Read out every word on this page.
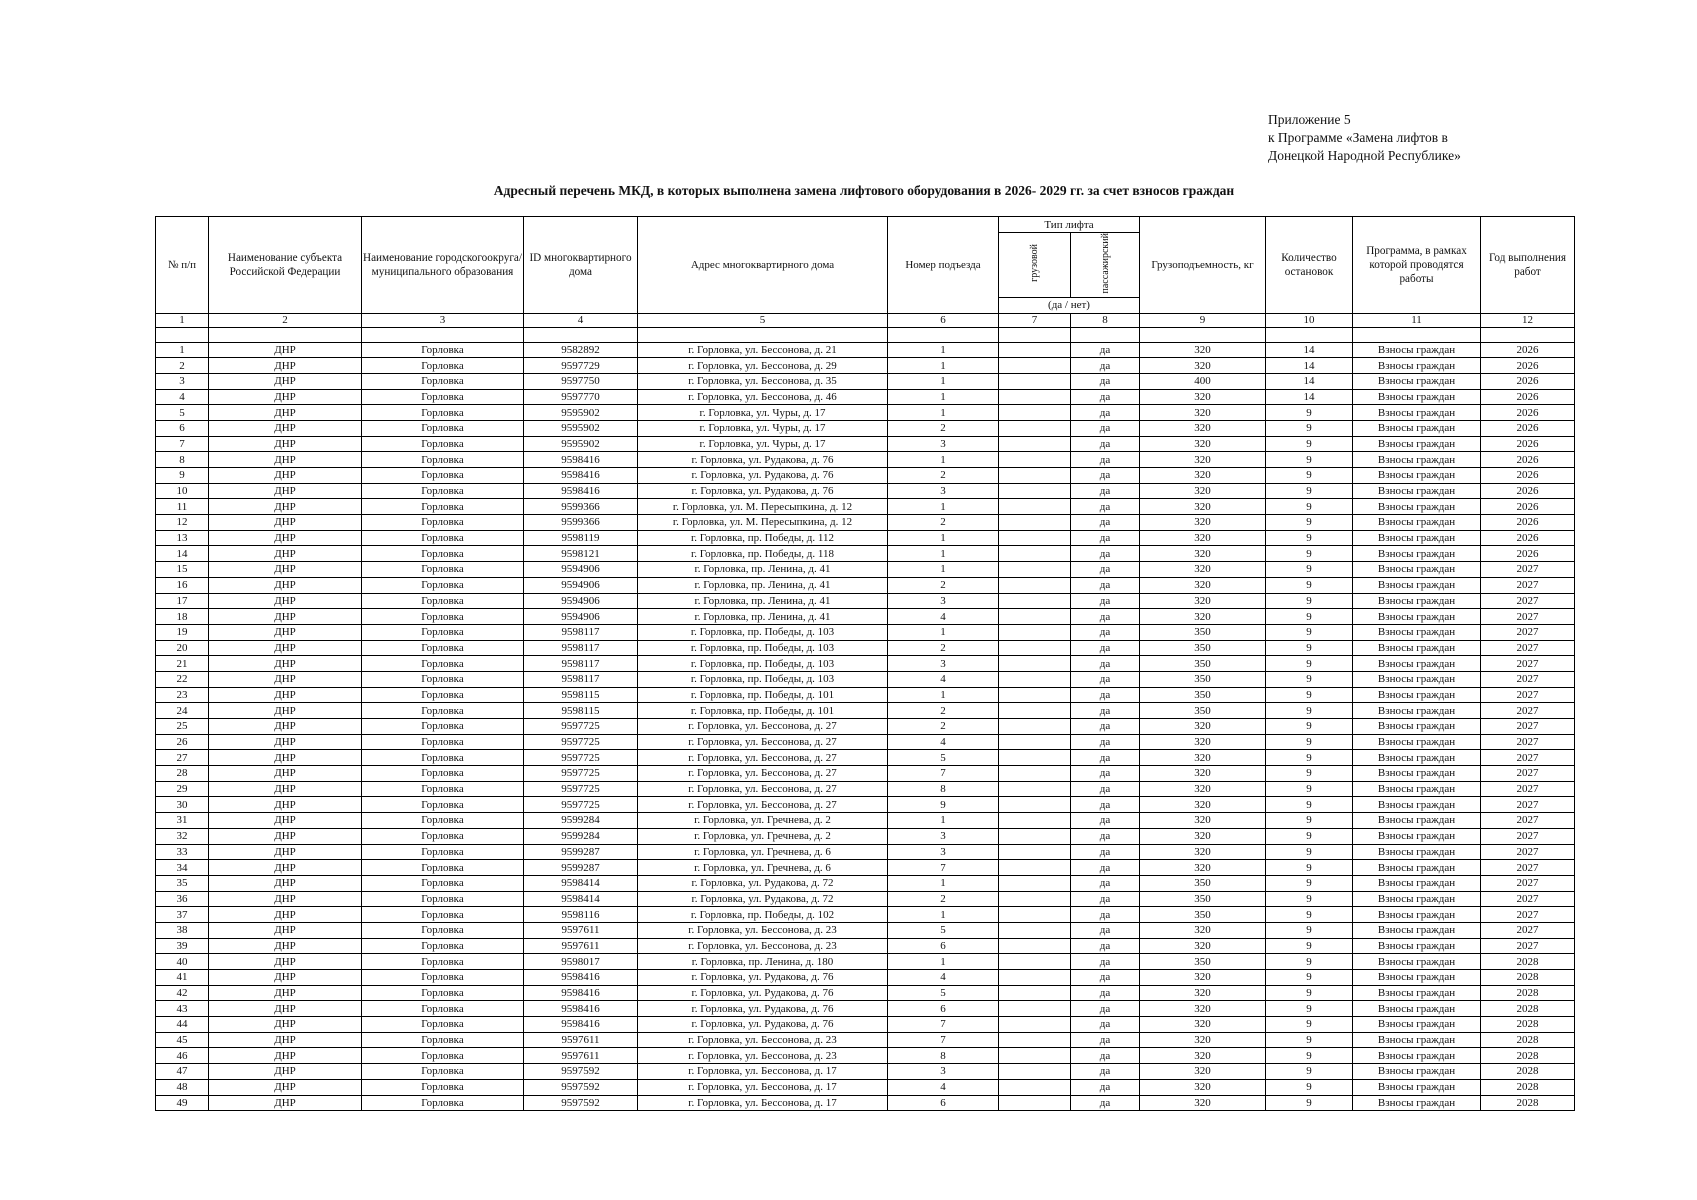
Приложение 5
к Программе «Замена лифтов в
Донецкой Народной Республике»
Адресный перечень МКД, в которых выполнена замена лифтового оборудования в 2026- 2029 гг. за счет взносов граждан
№ п/п	Наименование субъекта Российской Федерации	Наименование городскогоокруга/муниципального образования	ID многоквартирного дома	Адрес многоквартирного дома	Номер подъезда	Тип лифта		Грузоподъемность, кг	Количество остановок	Программа, в рамках которой проводятся работы	Год выполнения работ
						грузовой	пассажирский				
						(да / нет)					
1	2	3	4	5	6	7	8	9	10	11	12

1	ДНР	Горловка	9582892	г. Горловка, ул. Бессонова, д. 21	1		да	320	14	Взносы граждан	2026
2	ДНР	Горловка	9597729	г. Горловка, ул. Бессонова, д. 29	1		да	320	14	Взносы граждан	2026
3	ДНР	Горловка	9597750	г. Горловка, ул. Бессонова, д. 35	1		да	400	14	Взносы граждан	2026
4	ДНР	Горловка	9597770	г. Горловка, ул. Бессонова, д. 46	1		да	320	14	Взносы граждан	2026
5	ДНР	Горловка	9595902	г. Горловка, ул. Чуры, д. 17	1		да	320	9	Взносы граждан	2026
6	ДНР	Горловка	9595902	г. Горловка, ул. Чуры, д. 17	2		да	320	9	Взносы граждан	2026
7	ДНР	Горловка	9595902	г. Горловка, ул. Чуры, д. 17	3		да	320	9	Взносы граждан	2026
8	ДНР	Горловка	9598416	г. Горловка, ул. Рудакова, д. 76	1		да	320	9	Взносы граждан	2026
9	ДНР	Горловка	9598416	г. Горловка, ул. Рудакова, д. 76	2		да	320	9	Взносы граждан	2026
10	ДНР	Горловка	9598416	г. Горловка, ул. Рудакова, д. 76	3		да	320	9	Взносы граждан	2026
11	ДНР	Горловка	9599366	г. Горловка, ул. М. Пересыпкина, д. 12	1		да	320	9	Взносы граждан	2026
12	ДНР	Горловка	9599366	г. Горловка, ул. М. Пересыпкина, д. 12	2		да	320	9	Взносы граждан	2026
13	ДНР	Горловка	9598119	г. Горловка, пр. Победы, д. 112	1		да	320	9	Взносы граждан	2026
14	ДНР	Горловка	9598121	г. Горловка, пр. Победы, д. 118	1		да	320	9	Взносы граждан	2026
15	ДНР	Горловка	9594906	г. Горловка, пр. Ленина, д. 41	1		да	320	9	Взносы граждан	2027
16	ДНР	Горловка	9594906	г. Горловка, пр. Ленина, д. 41	2		да	320	9	Взносы граждан	2027
17	ДНР	Горловка	9594906	г. Горловка, пр. Ленина, д. 41	3		да	320	9	Взносы граждан	2027
18	ДНР	Горловка	9594906	г. Горловка, пр. Ленина, д. 41	4		да	320	9	Взносы граждан	2027
19	ДНР	Горловка	9598117	г. Горловка, пр. Победы, д. 103	1		да	350	9	Взносы граждан	2027
20	ДНР	Горловка	9598117	г. Горловка, пр. Победы, д. 103	2		да	350	9	Взносы граждан	2027
21	ДНР	Горловка	9598117	г. Горловка, пр. Победы, д. 103	3		да	350	9	Взносы граждан	2027
22	ДНР	Горловка	9598117	г. Горловка, пр. Победы, д. 103	4		да	350	9	Взносы граждан	2027
23	ДНР	Горловка	9598115	г. Горловка, пр. Победы, д. 101	1		да	350	9	Взносы граждан	2027
24	ДНР	Горловка	9598115	г. Горловка, пр. Победы, д. 101	2		да	350	9	Взносы граждан	2027
25	ДНР	Горловка	9597725	г. Горловка, ул. Бессонова, д. 27	2		да	320	9	Взносы граждан	2027
26	ДНР	Горловка	9597725	г. Горловка, ул. Бессонова, д. 27	4		да	320	9	Взносы граждан	2027
27	ДНР	Горловка	9597725	г. Горловка, ул. Бессонова, д. 27	5		да	320	9	Взносы граждан	2027
28	ДНР	Горловка	9597725	г. Горловка, ул. Бессонова, д. 27	7		да	320	9	Взносы граждан	2027
29	ДНР	Горловка	9597725	г. Горловка, ул. Бессонова, д. 27	8		да	320	9	Взносы граждан	2027
30	ДНР	Горловка	9597725	г. Горловка, ул. Бессонова, д. 27	9		да	320	9	Взносы граждан	2027
31	ДНР	Горловка	9599284	г. Горловка, ул. Гречнева, д. 2	1		да	320	9	Взносы граждан	2027
32	ДНР	Горловка	9599284	г. Горловка, ул. Гречнева, д. 2	3		да	320	9	Взносы граждан	2027
33	ДНР	Горловка	9599287	г. Горловка, ул. Гречнева, д. 6	3		да	320	9	Взносы граждан	2027
34	ДНР	Горловка	9599287	г. Горловка, ул. Гречнева, д. 6	7		да	320	9	Взносы граждан	2027
35	ДНР	Горловка	9598414	г. Горловка, ул. Рудакова, д. 72	1		да	350	9	Взносы граждан	2027
36	ДНР	Горловка	9598414	г. Горловка, ул. Рудакова, д. 72	2		да	350	9	Взносы граждан	2027
37	ДНР	Горловка	9598116	г. Горловка, пр. Победы, д. 102	1		да	350	9	Взносы граждан	2027
38	ДНР	Горловка	9597611	г. Горловка, ул. Бессонова, д. 23	5		да	320	9	Взносы граждан	2027
39	ДНР	Горловка	9597611	г. Горловка, ул. Бессонова, д. 23	6		да	320	9	Взносы граждан	2027
40	ДНР	Горловка	9598017	г. Горловка, пр. Ленина, д. 180	1		да	350	9	Взносы граждан	2028
41	ДНР	Горловка	9598416	г. Горловка, ул. Рудакова, д. 76	4		да	320	9	Взносы граждан	2028
42	ДНР	Горловка	9598416	г. Горловка, ул. Рудакова, д. 76	5		да	320	9	Взносы граждан	2028
43	ДНР	Горловка	9598416	г. Горловка, ул. Рудакова, д. 76	6		да	320	9	Взносы граждан	2028
44	ДНР	Горловка	9598416	г. Горловка, ул. Рудакова, д. 76	7		да	320	9	Взносы граждан	2028
45	ДНР	Горловка	9597611	г. Горловка, ул. Бессонова, д. 23	7		да	320	9	Взносы граждан	2028
46	ДНР	Горловка	9597611	г. Горловка, ул. Бессонова, д. 23	8		да	320	9	Взносы граждан	2028
47	ДНР	Горловка	9597592	г. Горловка, ул. Бессонова, д. 17	3		да	320	9	Взносы граждан	2028
48	ДНР	Горловка	9597592	г. Горловка, ул. Бессонова, д. 17	4		да	320	9	Взносы граждан	2028
49	ДНР	Горловка	9597592	г. Горловка, ул. Бессонова, д. 17	6		да	320	9	Взносы граждан	2028
